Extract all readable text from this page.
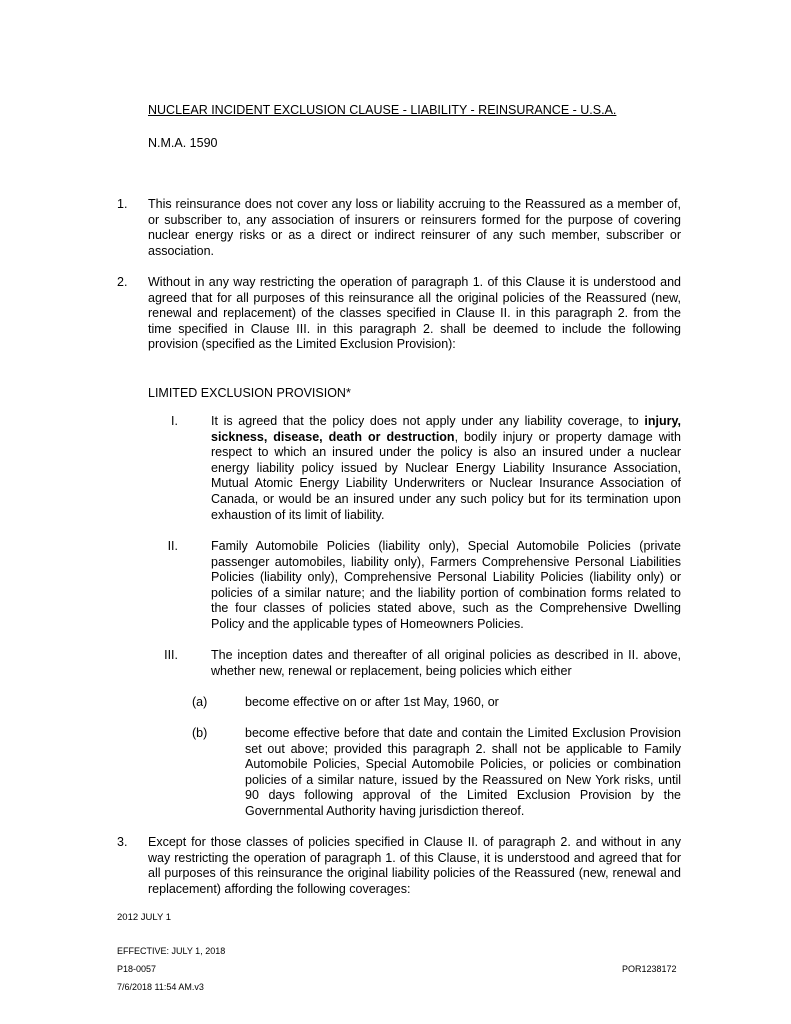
NUCLEAR INCIDENT EXCLUSION CLAUSE - LIABILITY - REINSURANCE - U.S.A.
N.M.A. 1590
1. This reinsurance does not cover any loss or liability accruing to the Reassured as a member of, or subscriber to, any association of insurers or reinsurers formed for the purpose of covering nuclear energy risks or as a direct or indirect reinsurer of any such member, subscriber or association.
2. Without in any way restricting the operation of paragraph 1. of this Clause it is understood and agreed that for all purposes of this reinsurance all the original policies of the Reassured (new, renewal and replacement) of the classes specified in Clause II. in this paragraph 2. from the time specified in Clause III. in this paragraph 2. shall be deemed to include the following provision (specified as the Limited Exclusion Provision):
LIMITED EXCLUSION PROVISION*
I.	It is agreed that the policy does not apply under any liability coverage, to injury, sickness, disease, death or destruction, bodily injury or property damage with respect to which an insured under the policy is also an insured under a nuclear energy liability policy issued by Nuclear Energy Liability Insurance Association, Mutual Atomic Energy Liability Underwriters or Nuclear Insurance Association of Canada, or would be an insured under any such policy but for its termination upon exhaustion of its limit of liability.
II.	Family Automobile Policies (liability only), Special Automobile Policies (private passenger automobiles, liability only), Farmers Comprehensive Personal Liabilities Policies (liability only), Comprehensive Personal Liability Policies (liability only) or policies of a similar nature; and the liability portion of combination forms related to the four classes of policies stated above, such as the Comprehensive Dwelling Policy and the applicable types of Homeowners Policies.
III.	The inception dates and thereafter of all original policies as described in II. above, whether new, renewal or replacement, being policies which either
(a)	become effective on or after 1st May, 1960, or
(b)	become effective before that date and contain the Limited Exclusion Provision set out above; provided this paragraph 2. shall not be applicable to Family Automobile Policies, Special Automobile Policies, or policies or combination policies of a similar nature, issued by the Reassured on New York risks, until 90 days following approval of the Limited Exclusion Provision by the Governmental Authority having jurisdiction thereof.
3. Except for those classes of policies specified in Clause II. of paragraph 2. and without in any way restricting the operation of paragraph 1. of this Clause, it is understood and agreed that for all purposes of this reinsurance the original liability policies of the Reassured (new, renewal and replacement) affording the following coverages:
2012 JULY 1
EFFECTIVE: JULY 1, 2018
P18-0057
7/6/2018 11:54 AM.v3
POR1238172
